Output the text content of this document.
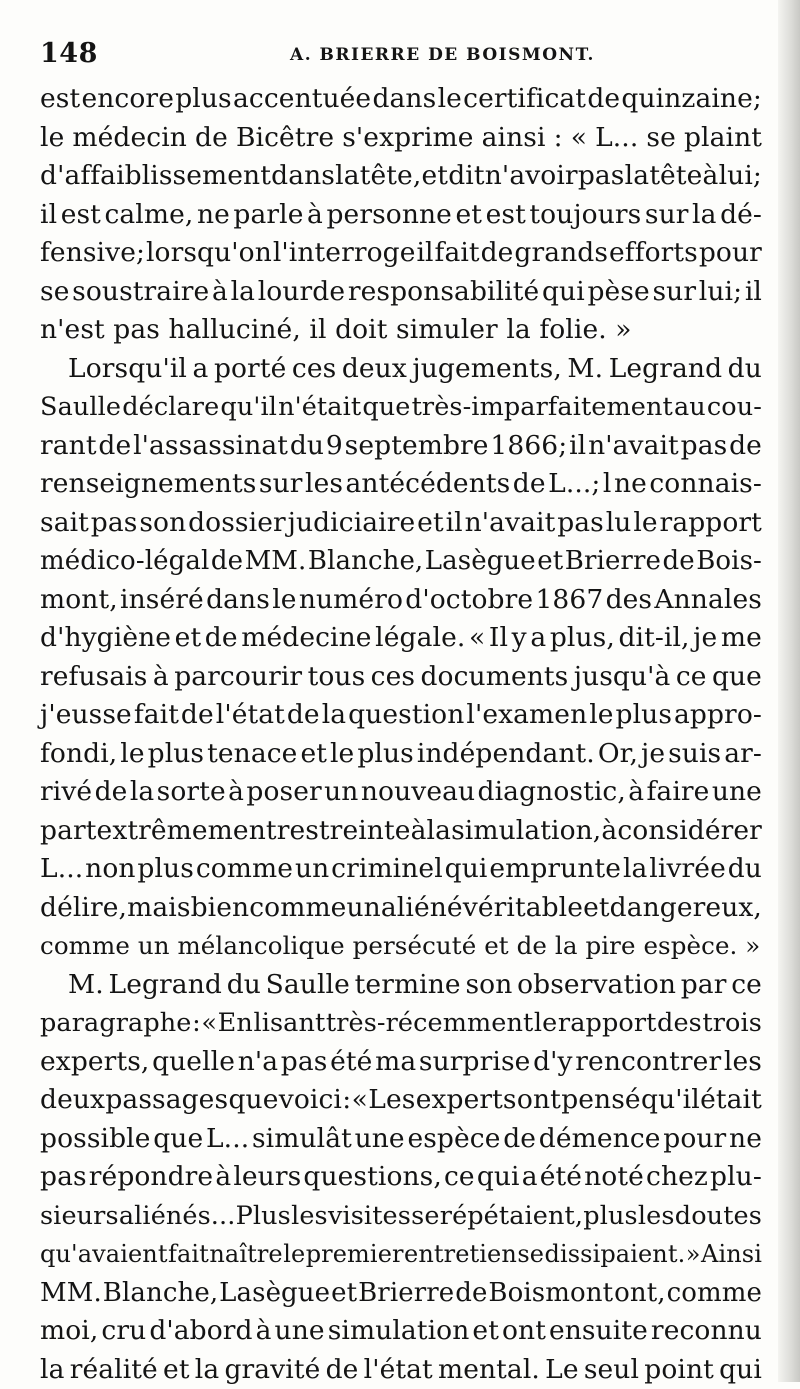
148	A. BRIERRE DE BOISMONT.
est encore plus accentuée dans le certificat de quinzaine;
le médecin de Bicêtre s'exprime ainsi : « L... se plaint
d'affaiblissement dans la tête, et dit n'avoir pas la tête à lui;
il est calme, ne parle à personne et est toujours sur la dé-
fensive; lorsqu'on l'interroge il fait de grands efforts pour
se soustraire à la lourde responsabilité qui pèse sur lui; il
n'est pas halluciné, il doit simuler la folie. »
Lorsqu'il a porté ces deux jugements, M. Legrand du
Saulle déclare qu'il n'était que très-imparfaitement au cou-
rant de l'assassinat du 9 septembre 1866; il n'avait pas de
renseignements sur les antécédents de L...; l ne connais-
sait pas son dossier judiciaire et il n'avait pas lu le rapport
médico-légal de MM. Blanche, Lasègue et Brierre de Bois-
mont, inséré dans le numéro d'octobre 1867 des Annales
d'hygiène et de médecine légale. « Il y a plus, dit-il, je me
refusais à parcourir tous ces documents jusqu'à ce que
j'eusse fait de l'état de la question l'examen le plus appro-
fondi, le plus tenace et le plus indépendant. Or, je suis ar-
rivé de la sorte à poser un nouveau diagnostic, à faire une
part extrêmement restreinte à la simulation, à considérer
L... non plus comme un criminel qui emprunte la livrée du
délire, mais bien comme un aliéné véritable et dangereux,
comme un mélancolique persécuté et de la pire espèce. »
M. Legrand du Saulle termine son observation par ce
paragraphe : « En lisant très-récemment le rapport des trois
experts, quelle n'a pas été ma surprise d'y rencontrer les
deux passages que voici : « Les experts ont pensé qu'il était
possible que L... simulât une espèce de démence pour ne
pas répondre à leurs questions, ce qui a été noté chez plu-
sieurs aliénés... Plus les visites se répétaient, plus les doutes
qu'avaient fait naître le premier entretien se dissipaient. » Ainsi
MM. Blanche, Lasègue et Brierre de Boismont ont, comme
moi, cru d'abord à une simulation et ont ensuite reconnu
la réalité et la gravité de l'état mental. Le seul point qui
